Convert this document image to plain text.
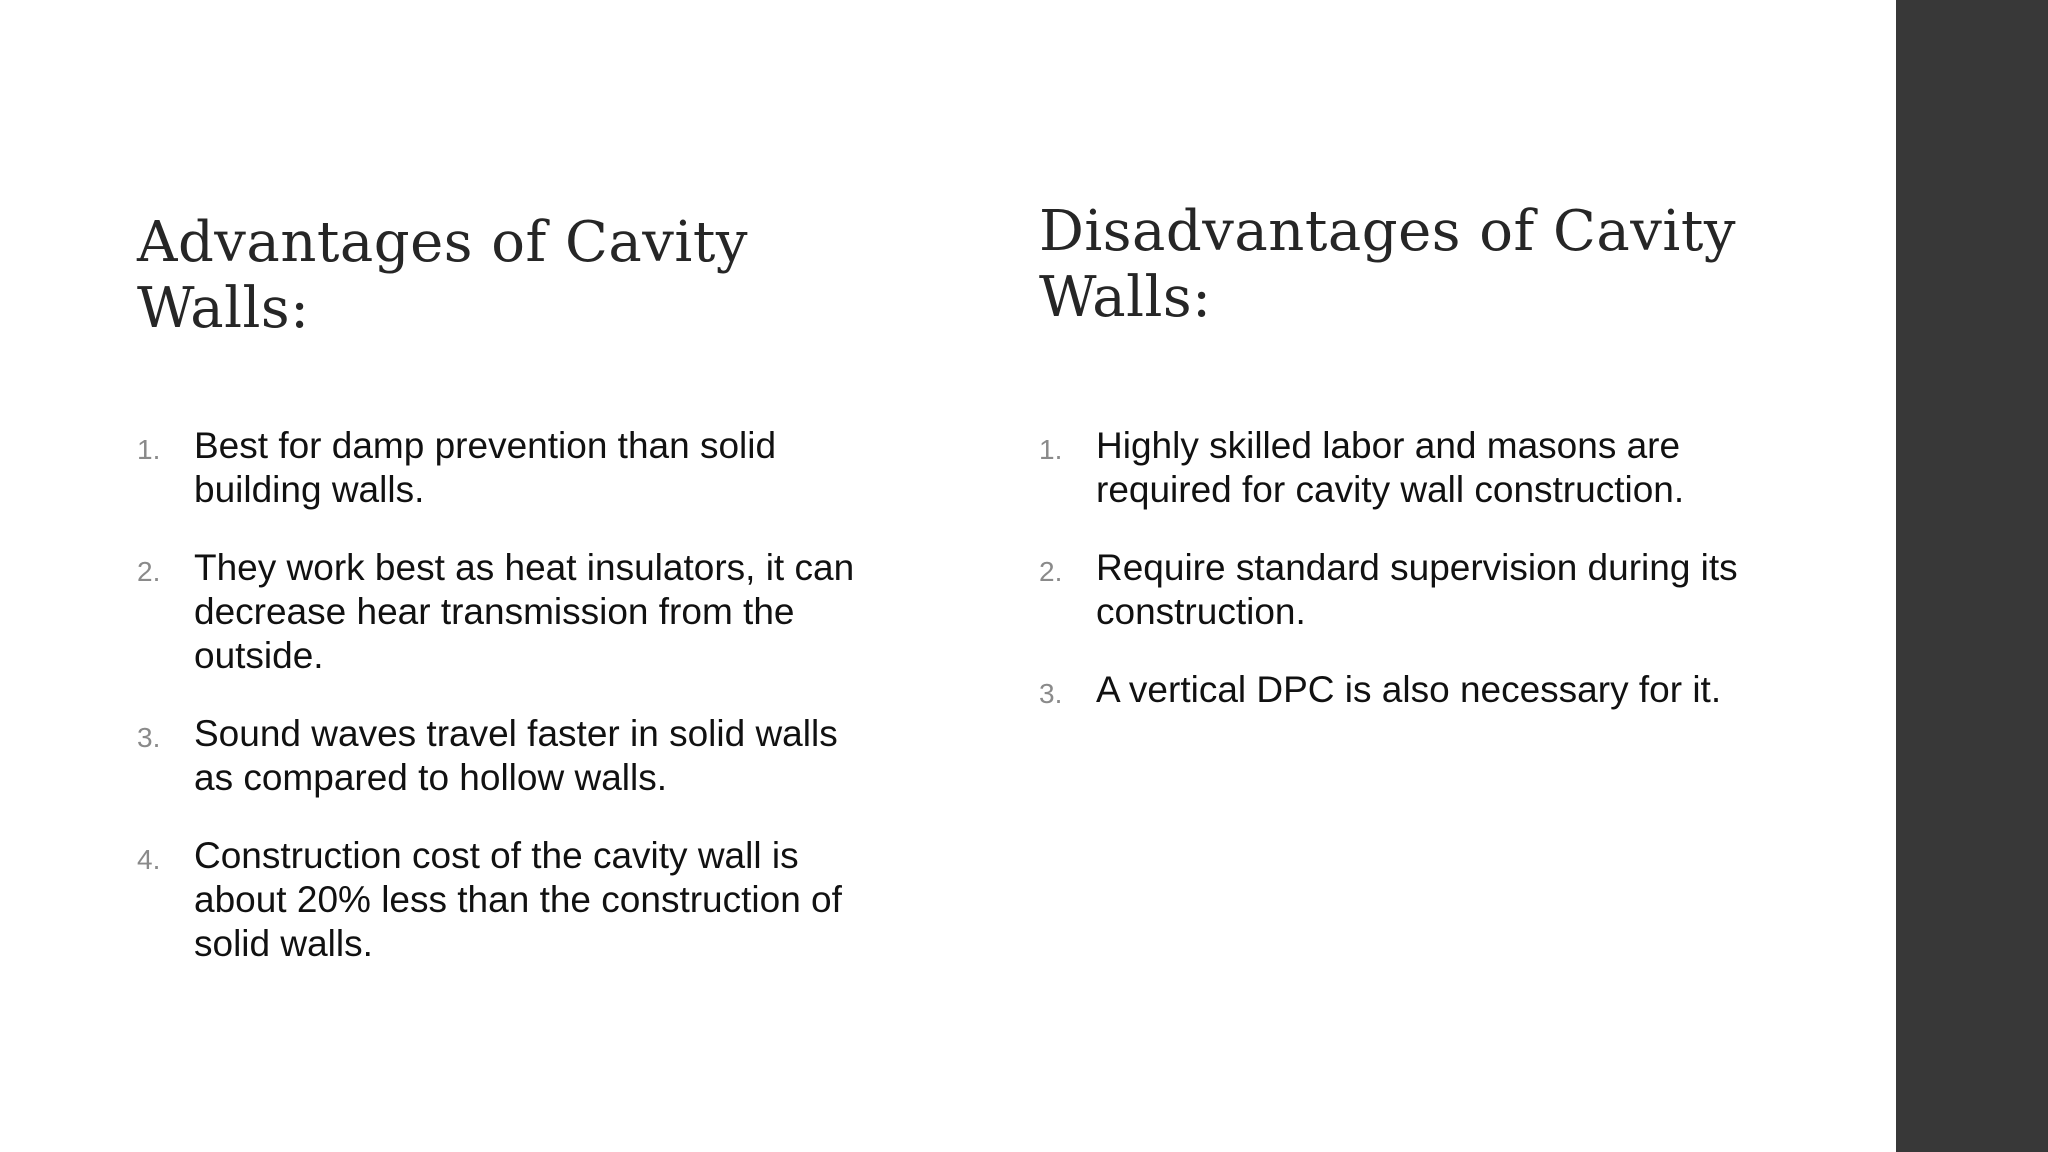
Advantages of Cavity Walls:
1. Best for damp prevention than solid building walls.
2. They work best as heat insulators, it can decrease hear transmission from the outside.
3. Sound waves travel faster in solid walls as compared to hollow walls.
4. Construction cost of the cavity wall is about 20% less than the construction of solid walls.
Disadvantages of Cavity Walls:
1. Highly skilled labor and masons are required for cavity wall construction.
2. Require standard supervision during its construction.
3. A vertical DPC is also necessary for it.
